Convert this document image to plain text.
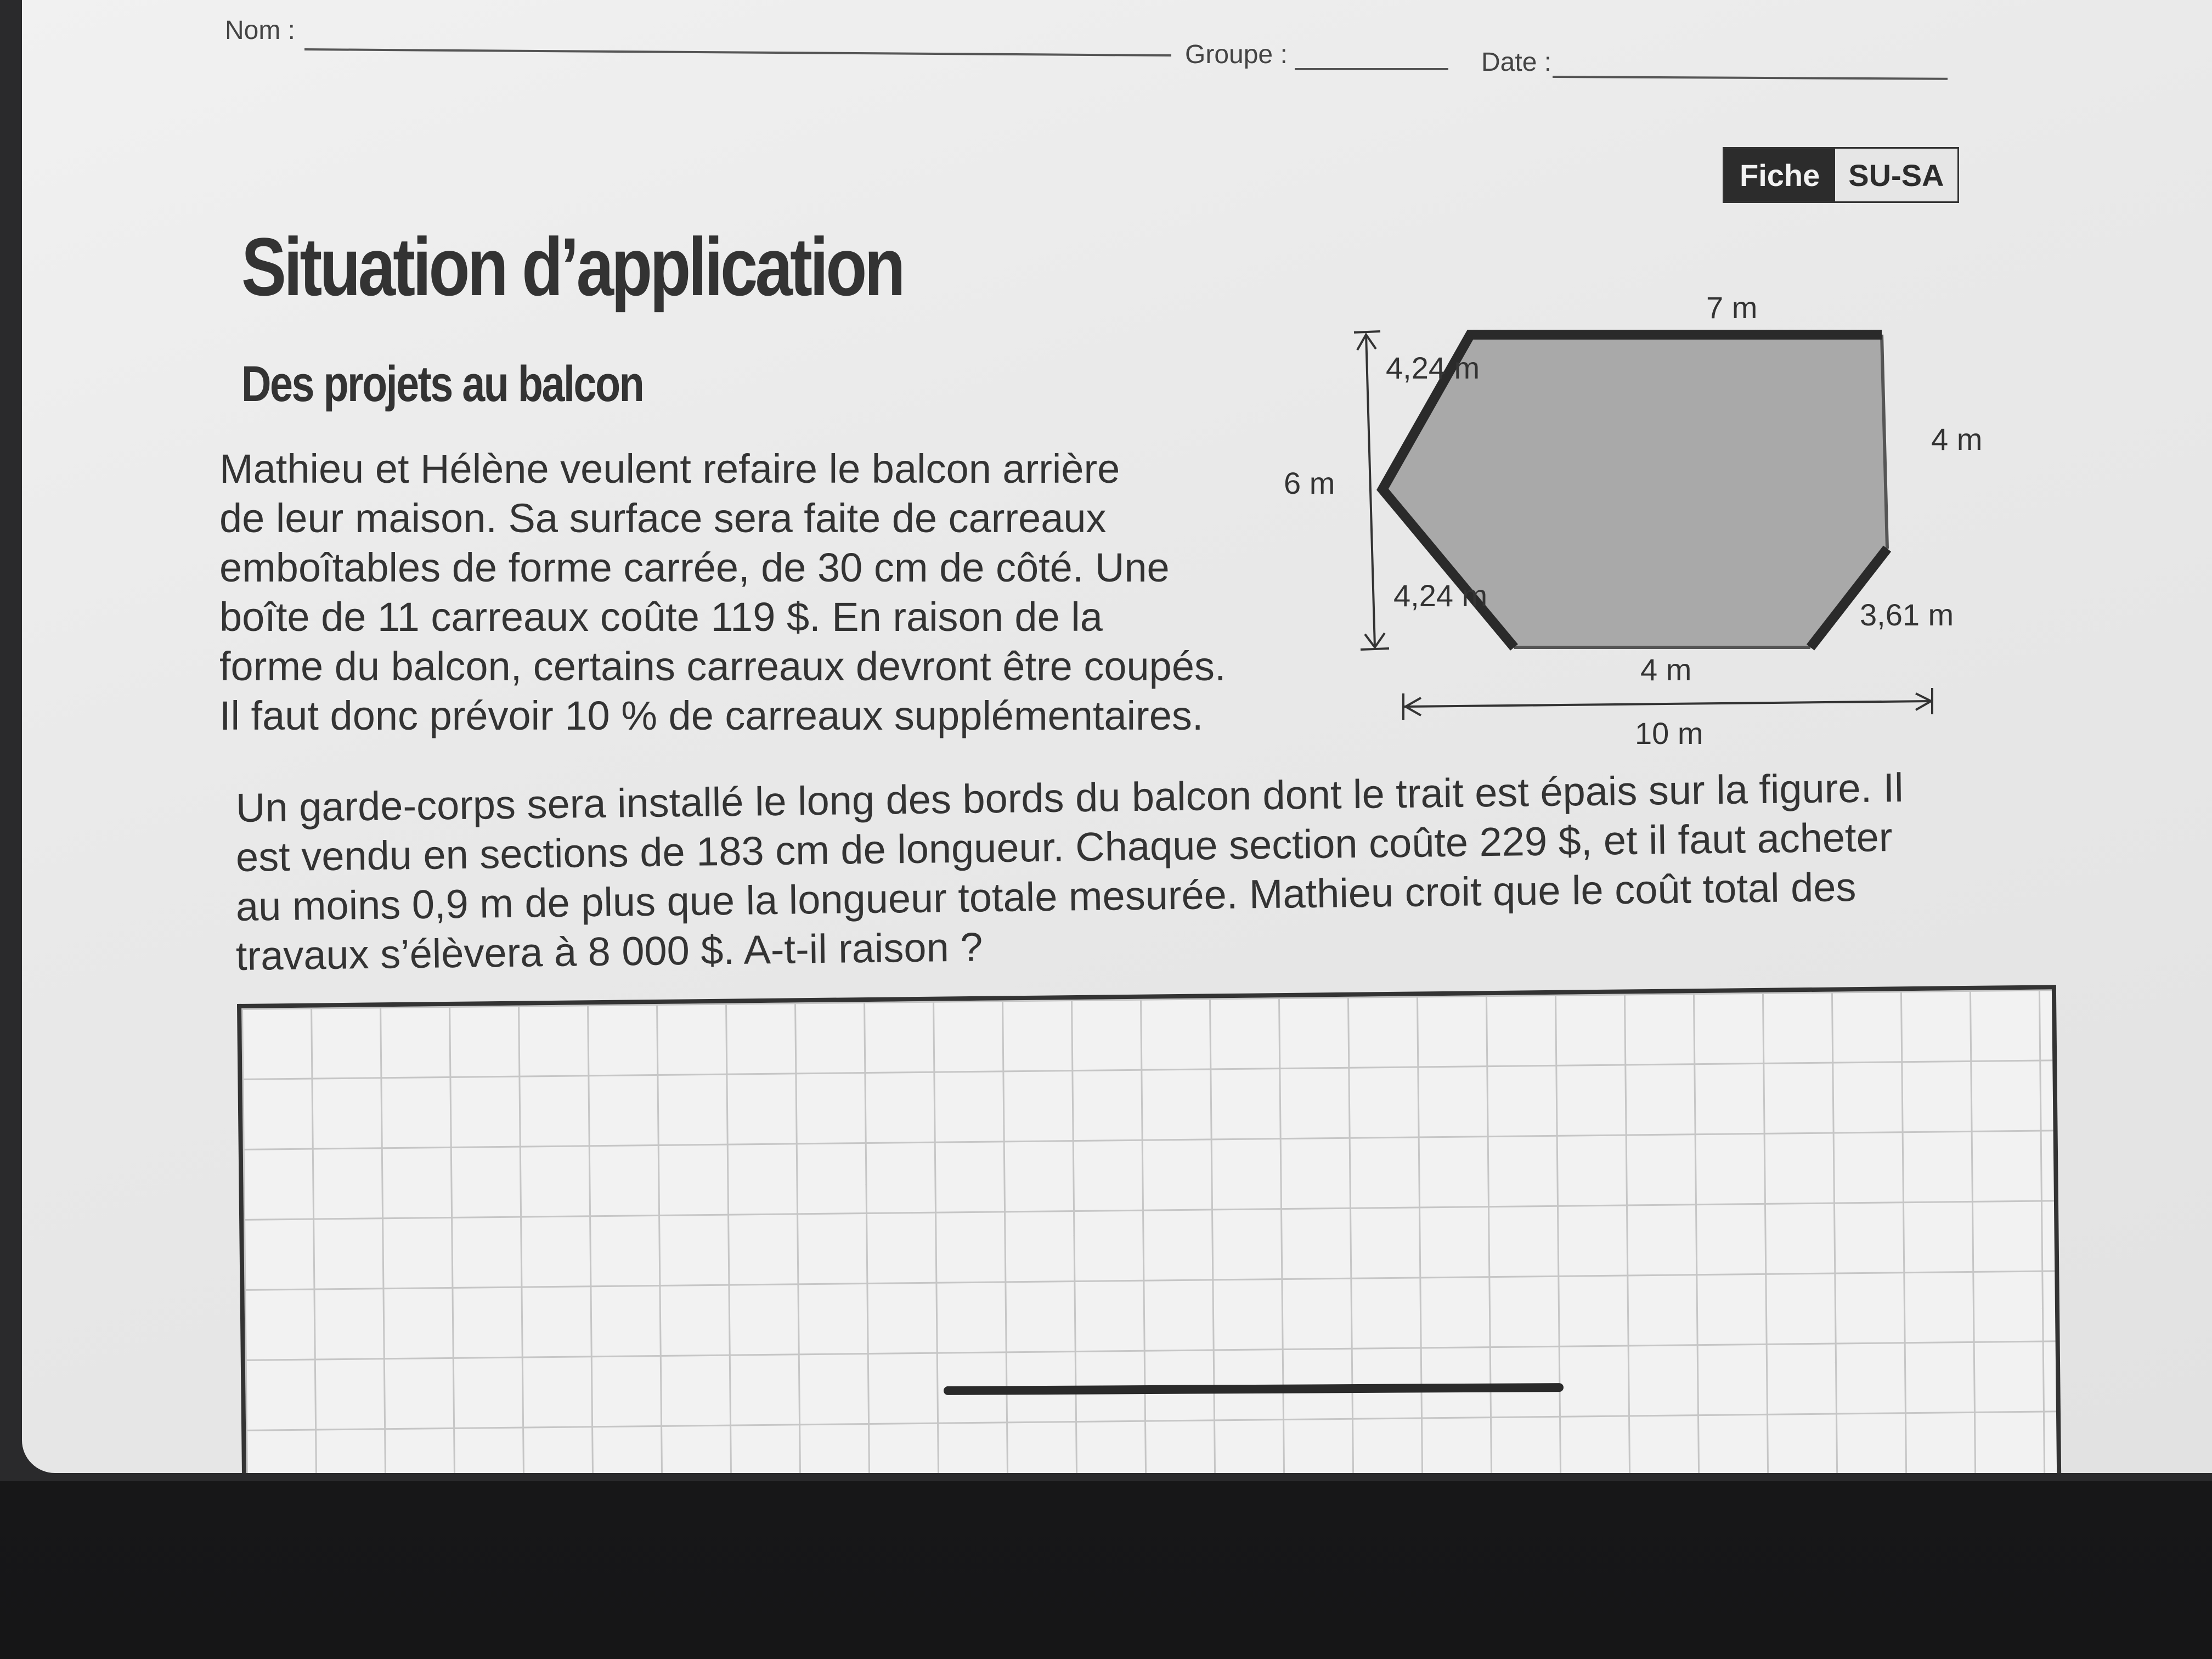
Nom :
Groupe :	Date :
Fiche SU-SA
Situation d’application
Des projets au balcon
Mathieu et Hélène veulent refaire le balcon arrière
de leur maison. Sa surface sera faite de carreaux
emboîtables de forme carrée, de 30 cm de côté. Une
boîte de 11 carreaux coûte 119 $. En raison de la
forme du balcon, certains carreaux devront être coupés.
Il faut donc prévoir 10 % de carreaux supplémentaires.
7 m
4,24 m
4 m
6 m
4,24 m
3,61 m
4 m
10 m
Un garde-corps sera installé le long des bords du balcon dont le trait est épais sur la figure. Il
est vendu en sections de 183 cm de longueur. Chaque section coûte 229 $, et il faut acheter
au moins 0,9 m de plus que la longueur totale mesurée. Mathieu croit que le coût total des
travaux s’élèvera à 8 000 $. A-t-il raison ?
